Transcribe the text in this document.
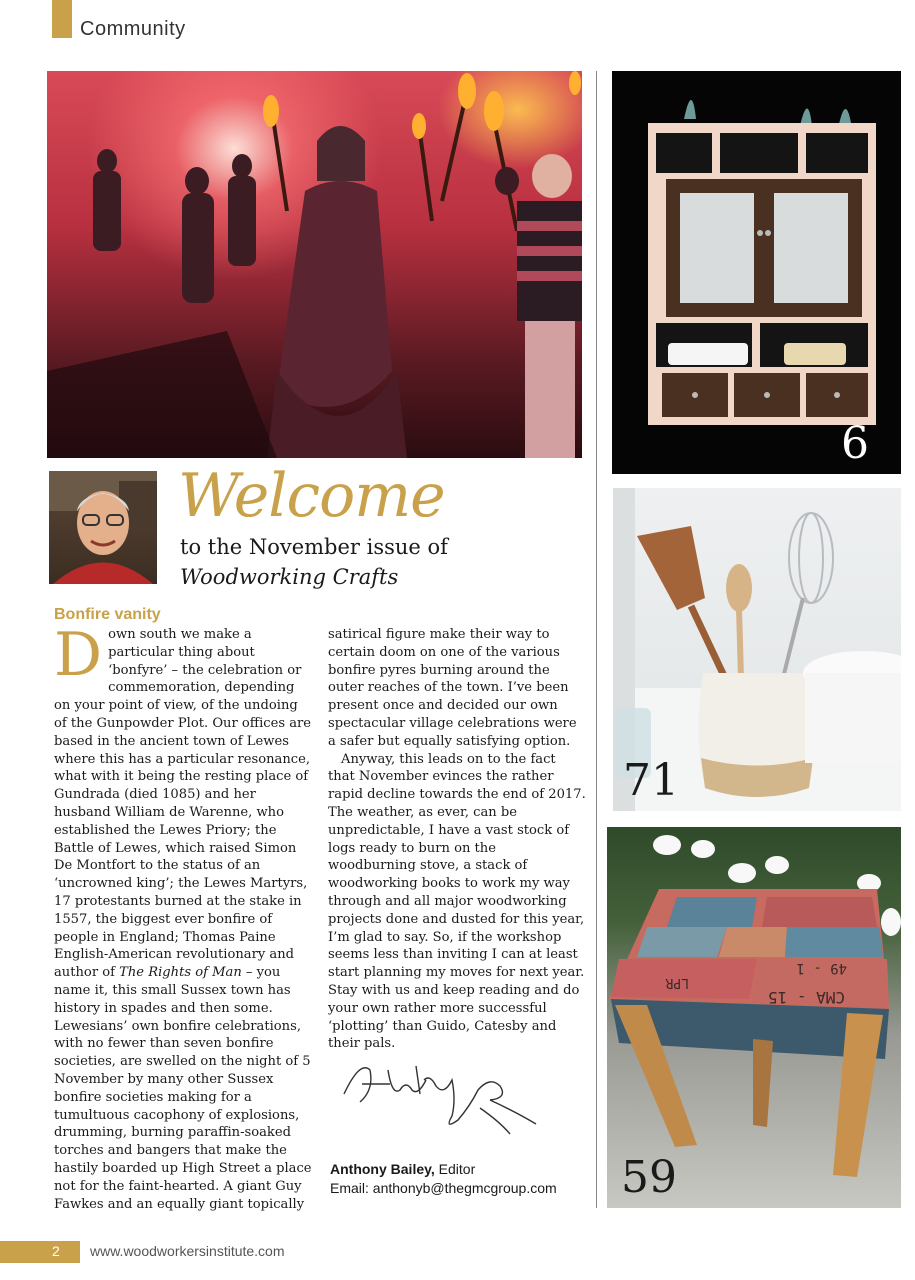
Community
6
71
LPR
49 - 1
CMA - 15
59
Welcome
to the November issue of
Woodworking Crafts
Bonfire vanity

Down south we make a particular thing about ‘bonfyre’ – the celebration or commemoration, depending on your point of view, of the undoing of the Gunpowder Plot. Our offices are based in the ancient town of Lewes where this has a particular resonance, what with it being the resting place of Gundrada (died 1085) and her husband William de Warenne, who established the Lewes Priory; the Battle of Lewes, which raised Simon De Montfort to the status of an ‘uncrowned king’; the Lewes Martyrs, 17 protestants burned at the stake in 1557, the biggest ever bonfire of people in England; Thomas Paine English-American revolutionary and author of The Rights of Man – you name it, this small Sussex town has history in spades and then some. Lewesians’ own bonfire celebrations, with no fewer than seven bonfire societies, are swelled on the night of 5 November by many other Sussex bonfire societies making for a tumultuous cacophony of explosions, drumming, burning paraffin-soaked torches and bangers that make the hastily boarded up High Street a place not for the faint-hearted. A giant Guy Fawkes and an equally giant topically

satirical figure make their way to certain doom on one of the various bonfire pyres burning around the outer reaches of the town. I’ve been present once and decided our own spectacular village celebrations were a safer but equally satisfying option.

Anyway, this leads on to the fact that November evinces the rather rapid decline towards the end of 2017. The weather, as ever, can be unpredictable, I have a vast stock of logs ready to burn on the woodburning stove, a stack of woodworking books to work my way through and all major woodworking projects done and dusted for this year, I’m glad to say. So, if the workshop seems less than inviting I can at least start planning my moves for next year. Stay with us and keep reading and do your own rather more successful ‘plotting’ than Guido, Catesby and their pals.

Anthony Bailey, Editor
Email: anthonyb@thegmcgroup.com
2 www.woodworkersinstitute.com
